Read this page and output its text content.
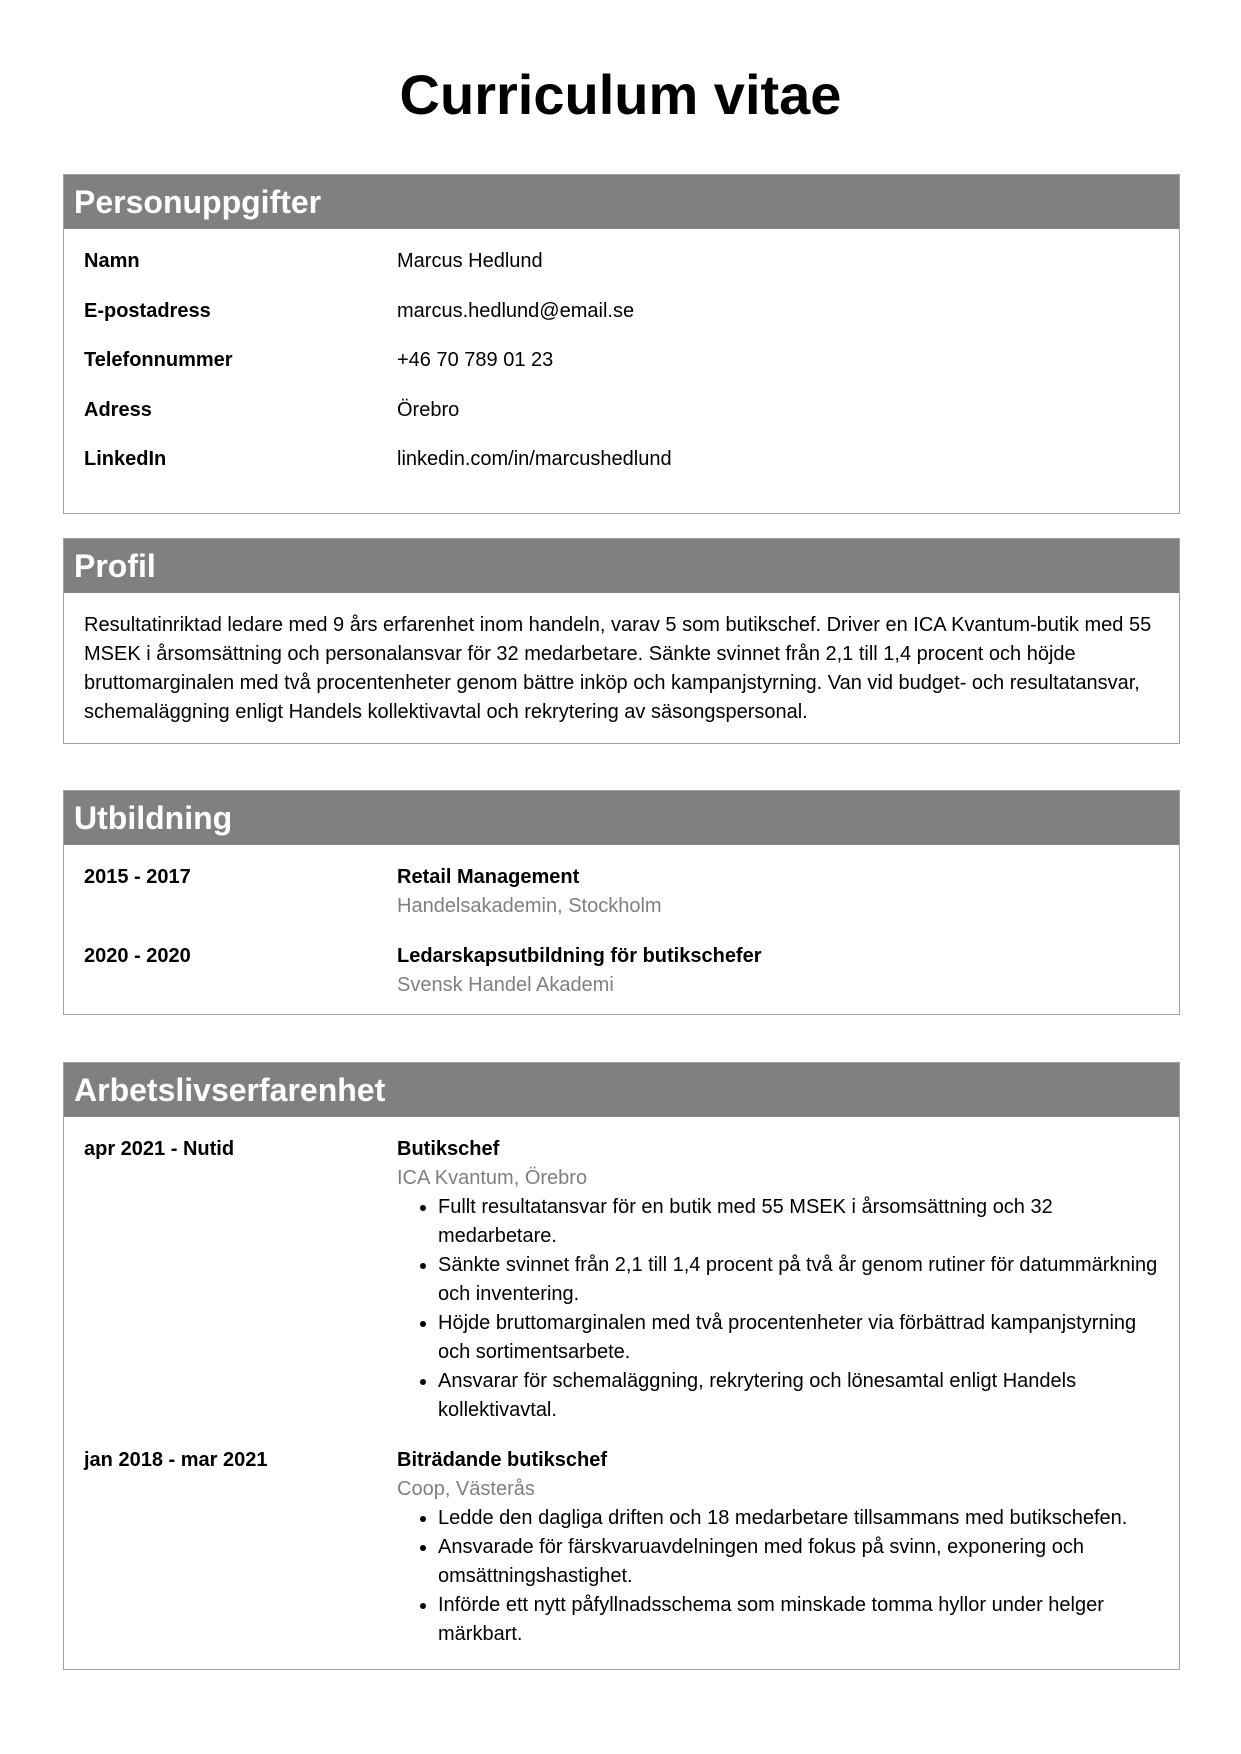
Curriculum vitae
Personuppgifter
Namn	Marcus Hedlund
E-postadress	marcus.hedlund@email.se
Telefonnummer	+46 70 789 01 23
Adress	Örebro
LinkedIn	linkedin.com/in/marcushedlund
Profil
Resultatinriktad ledare med 9 års erfarenhet inom handeln, varav 5 som butikschef. Driver en ICA Kvantum-butik med 55 MSEK i årsomsättning och personalansvar för 32 medarbetare. Sänkte svinnet från 2,1 till 1,4 procent och höjde bruttomarginalen med två procentenheter genom bättre inköp och kampanjstyrning. Van vid budget- och resultatansvar, schemaläggning enligt Handels kollektivavtal och rekrytering av säsongspersonal.
Utbildning
2015 - 2017	Retail Management
Handelsakademin, Stockholm
2020 - 2020	Ledarskapsutbildning för butikschefer
Svensk Handel Akademi
Arbetslivserfarenhet
apr 2021 - Nutid	Butikschef
ICA Kvantum, Örebro
• Fullt resultatansvar för en butik med 55 MSEK i årsomsättning och 32 medarbetare.
• Sänkte svinnet från 2,1 till 1,4 procent på två år genom rutiner för datummärkning och inventering.
• Höjde bruttomarginalen med två procentenheter via förbättrad kampanjstyrning och sortimentsarbete.
• Ansvarar för schemaläggning, rekrytering och lönesamtal enligt Handels kollektivavtal.
jan 2018 - mar 2021	Biträdande butikschef
Coop, Västerås
• Ledde den dagliga driften och 18 medarbetare tillsammans med butikschefen.
• Ansvarade för färskvaruavdelningen med fokus på svinn, exponering och omsättningshastighet.
• Införde ett nytt påfyllnadsschema som minskade tomma hyllor under helger märkbart.
